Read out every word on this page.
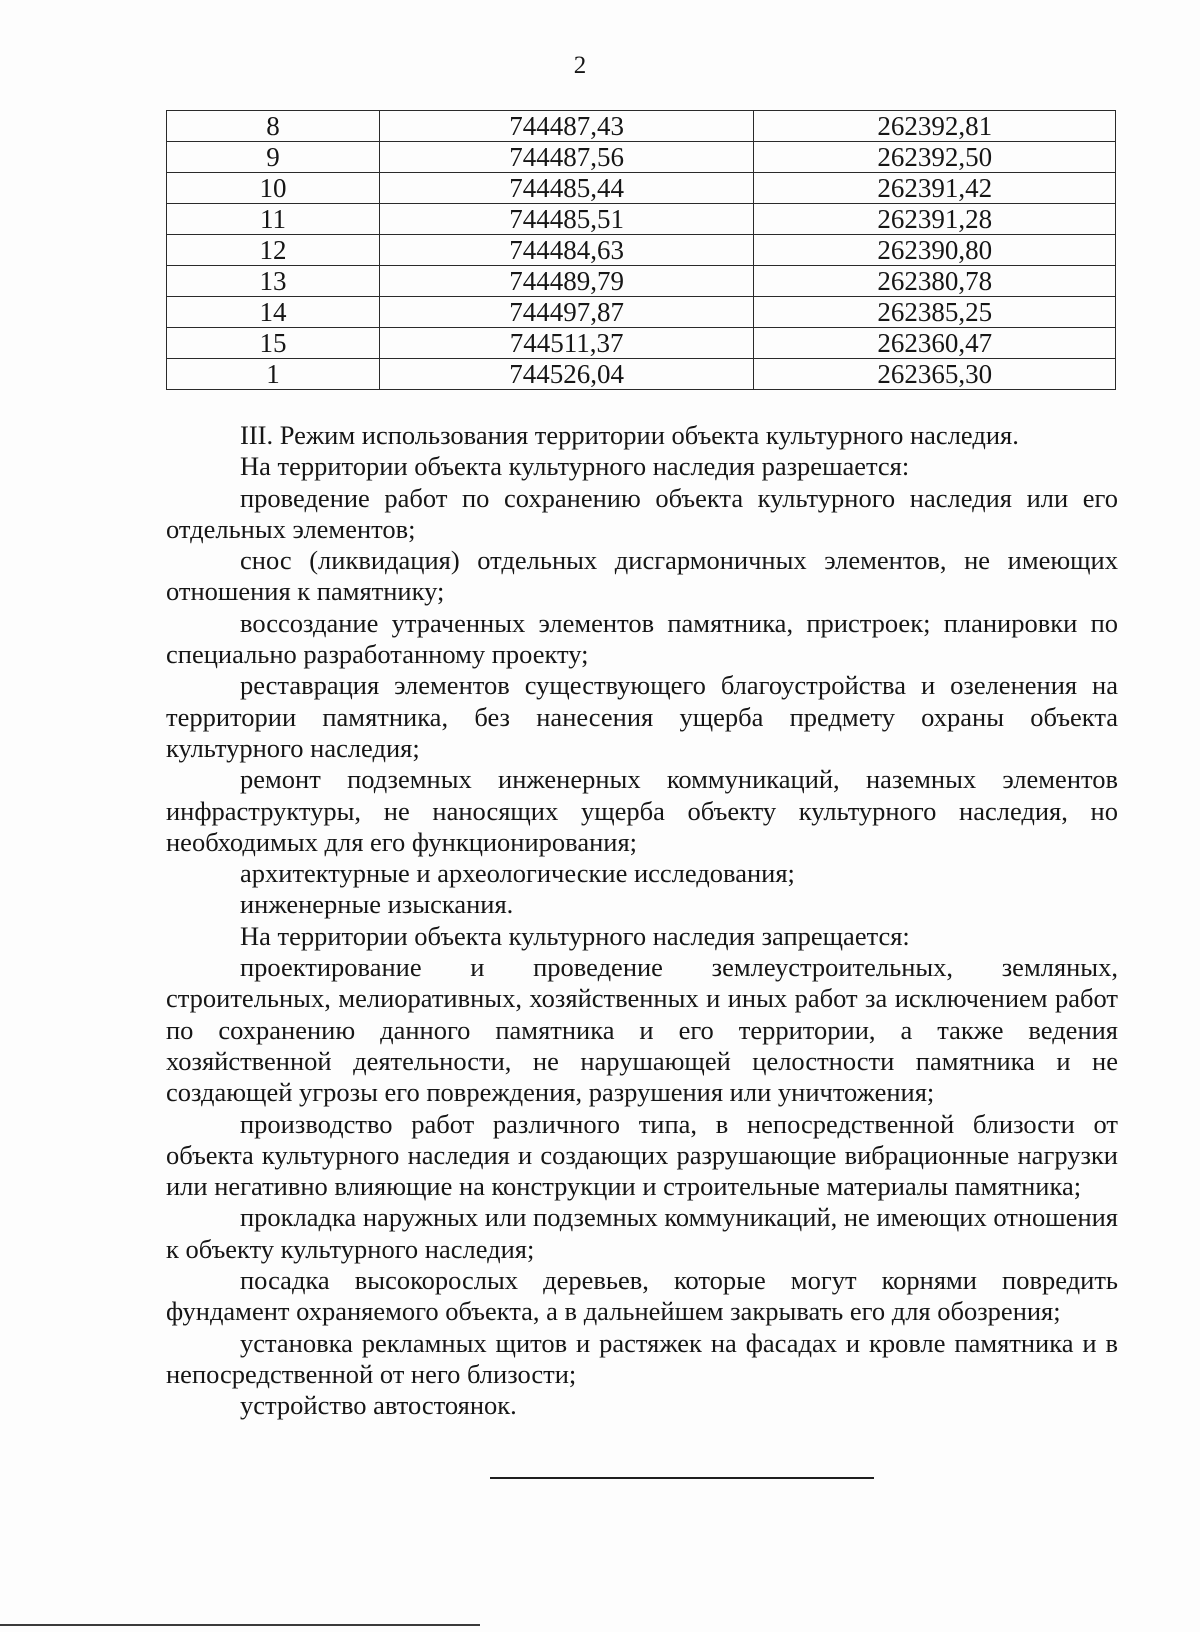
2
8	744487,43	262392,81
9	744487,56	262392,50
10	744485,44	262391,42
11	744485,51	262391,28
12	744484,63	262390,80
13	744489,79	262380,78
14	744497,87	262385,25
15	744511,37	262360,47
1	744526,04	262365,30

III. Режим использования территории объекта культурного наследия.

На территории объекта культурного наследия разрешается:

проведение работ по сохранению объекта культурного наследия или его отдельных элементов;

снос (ликвидация) отдельных дисгармоничных элементов, не имеющих отношения к памятнику;

воссоздание утраченных элементов памятника, пристроек; планировки по специально разработанному проекту;

реставрация элементов существующего благоустройства и озеленения на территории памятника, без нанесения ущерба предмету охраны объекта культурного наследия;

ремонт подземных инженерных коммуникаций, наземных элементов инфраструктуры, не наносящих ущерба объекту культурного наследия, но необходимых для его функционирования;

архитектурные и археологические исследования;

инженерные изыскания.

На территории объекта культурного наследия запрещается:

проектирование и проведение землеустроительных, земляных, строительных, мелиоративных, хозяйственных и иных работ за исключением работ по сохранению данного памятника и его территории, а также ведения хозяйственной деятельности, не нарушающей целостности памятника и не создающей угрозы его повреждения, разрушения или уничтожения;

производство работ различного типа, в непосредственной близости от объекта культурного наследия и создающих разрушающие вибрационные нагрузки или негативно влияющие на конструкции и строительные материалы памятника;

прокладка наружных или подземных коммуникаций, не имеющих отношения к объекту культурного наследия;

посадка высокорослых деревьев, которые могут корнями повредить фундамент охраняемого объекта, а в дальнейшем закрывать его для обозрения;

установка рекламных щитов и растяжек на фасадах и кровле памятника и в непосредственной от него близости;

устройство автостоянок.
